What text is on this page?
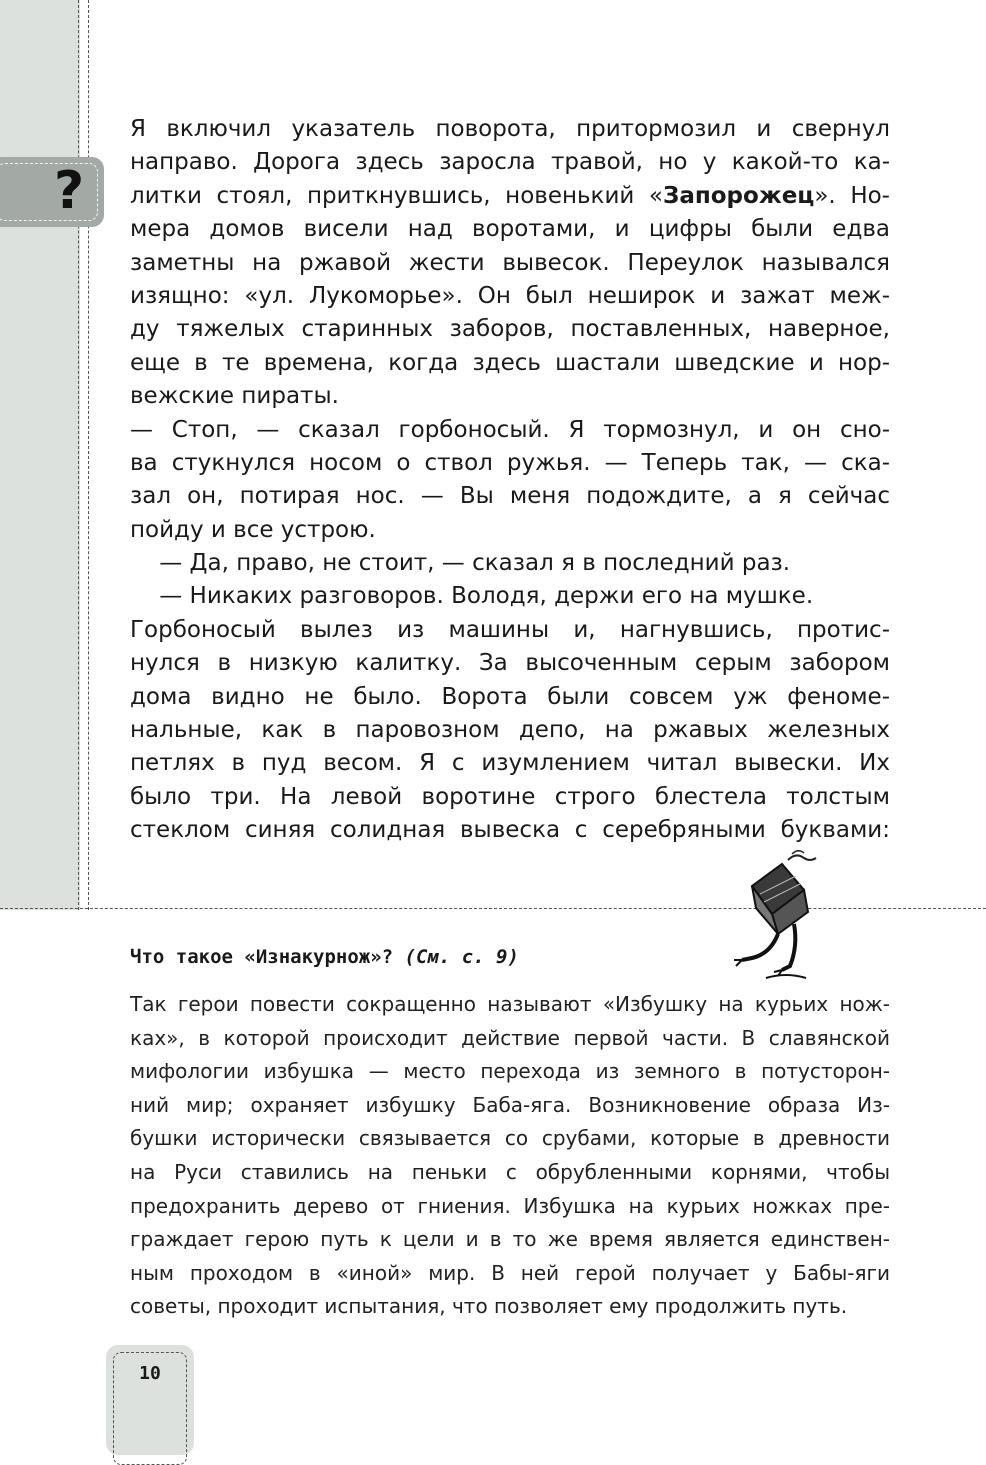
?
Я включил указатель поворота, притормозил и свернул
направо. Дорога здесь заросла травой, но у какой-то ка-
литки стоял, приткнувшись, новенький «Запорожец». Но-
мера домов висели над воротами, и цифры были едва
заметны на ржавой жести вывесок. Переулок назывался
изящно: «ул. Лукоморье». Он был неширок и зажат меж-
ду тяжелых старинных заборов, поставленных, наверное,
еще в те времена, когда здесь шастали шведские и нор-
вежские пираты.
— Стоп, — сказал горбоносый. Я тормознул, и он сно-
ва стукнулся носом о ствол ружья. — Теперь так, — ска-
зал он, потирая нос. — Вы меня подождите, а я сейчас
пойду и все устрою.
— Да, право, не стоит, — сказал я в последний раз.
— Никаких разговоров. Володя, держи его на мушке.
Горбоносый вылез из машины и, нагнувшись, протис-
нулся в низкую калитку. За высоченным серым забором
дома видно не было. Ворота были совсем уж феноме-
нальные, как в паровозном депо, на ржавых железных
петлях в пуд весом. Я с изумлением читал вывески. Их
было три. На левой воротине строго блестела толстым
стеклом синяя солидная вывеска с серебряными буквами:
Что такое «Изнакурнож»? (См. с. 9)
Так герои повести сокращенно называют «Избушку на курьих нож-
ках», в которой происходит действие первой части. В славянской
мифологии избушка — место перехода из земного в потусторон-
ний мир; охраняет избушку Баба-яга. Возникновение образа Из-
бушки исторически связывается со срубами, которые в древности
на Руси ставились на пеньки с обрубленными корнями, чтобы
предохранить дерево от гниения. Избушка на курьих ножках пре-
граждает герою путь к цели и в то же время является единствен-
ным проходом в «иной» мир. В ней герой получает у Бабы-яги
советы, проходит испытания, что позволяет ему продолжить путь.
10
